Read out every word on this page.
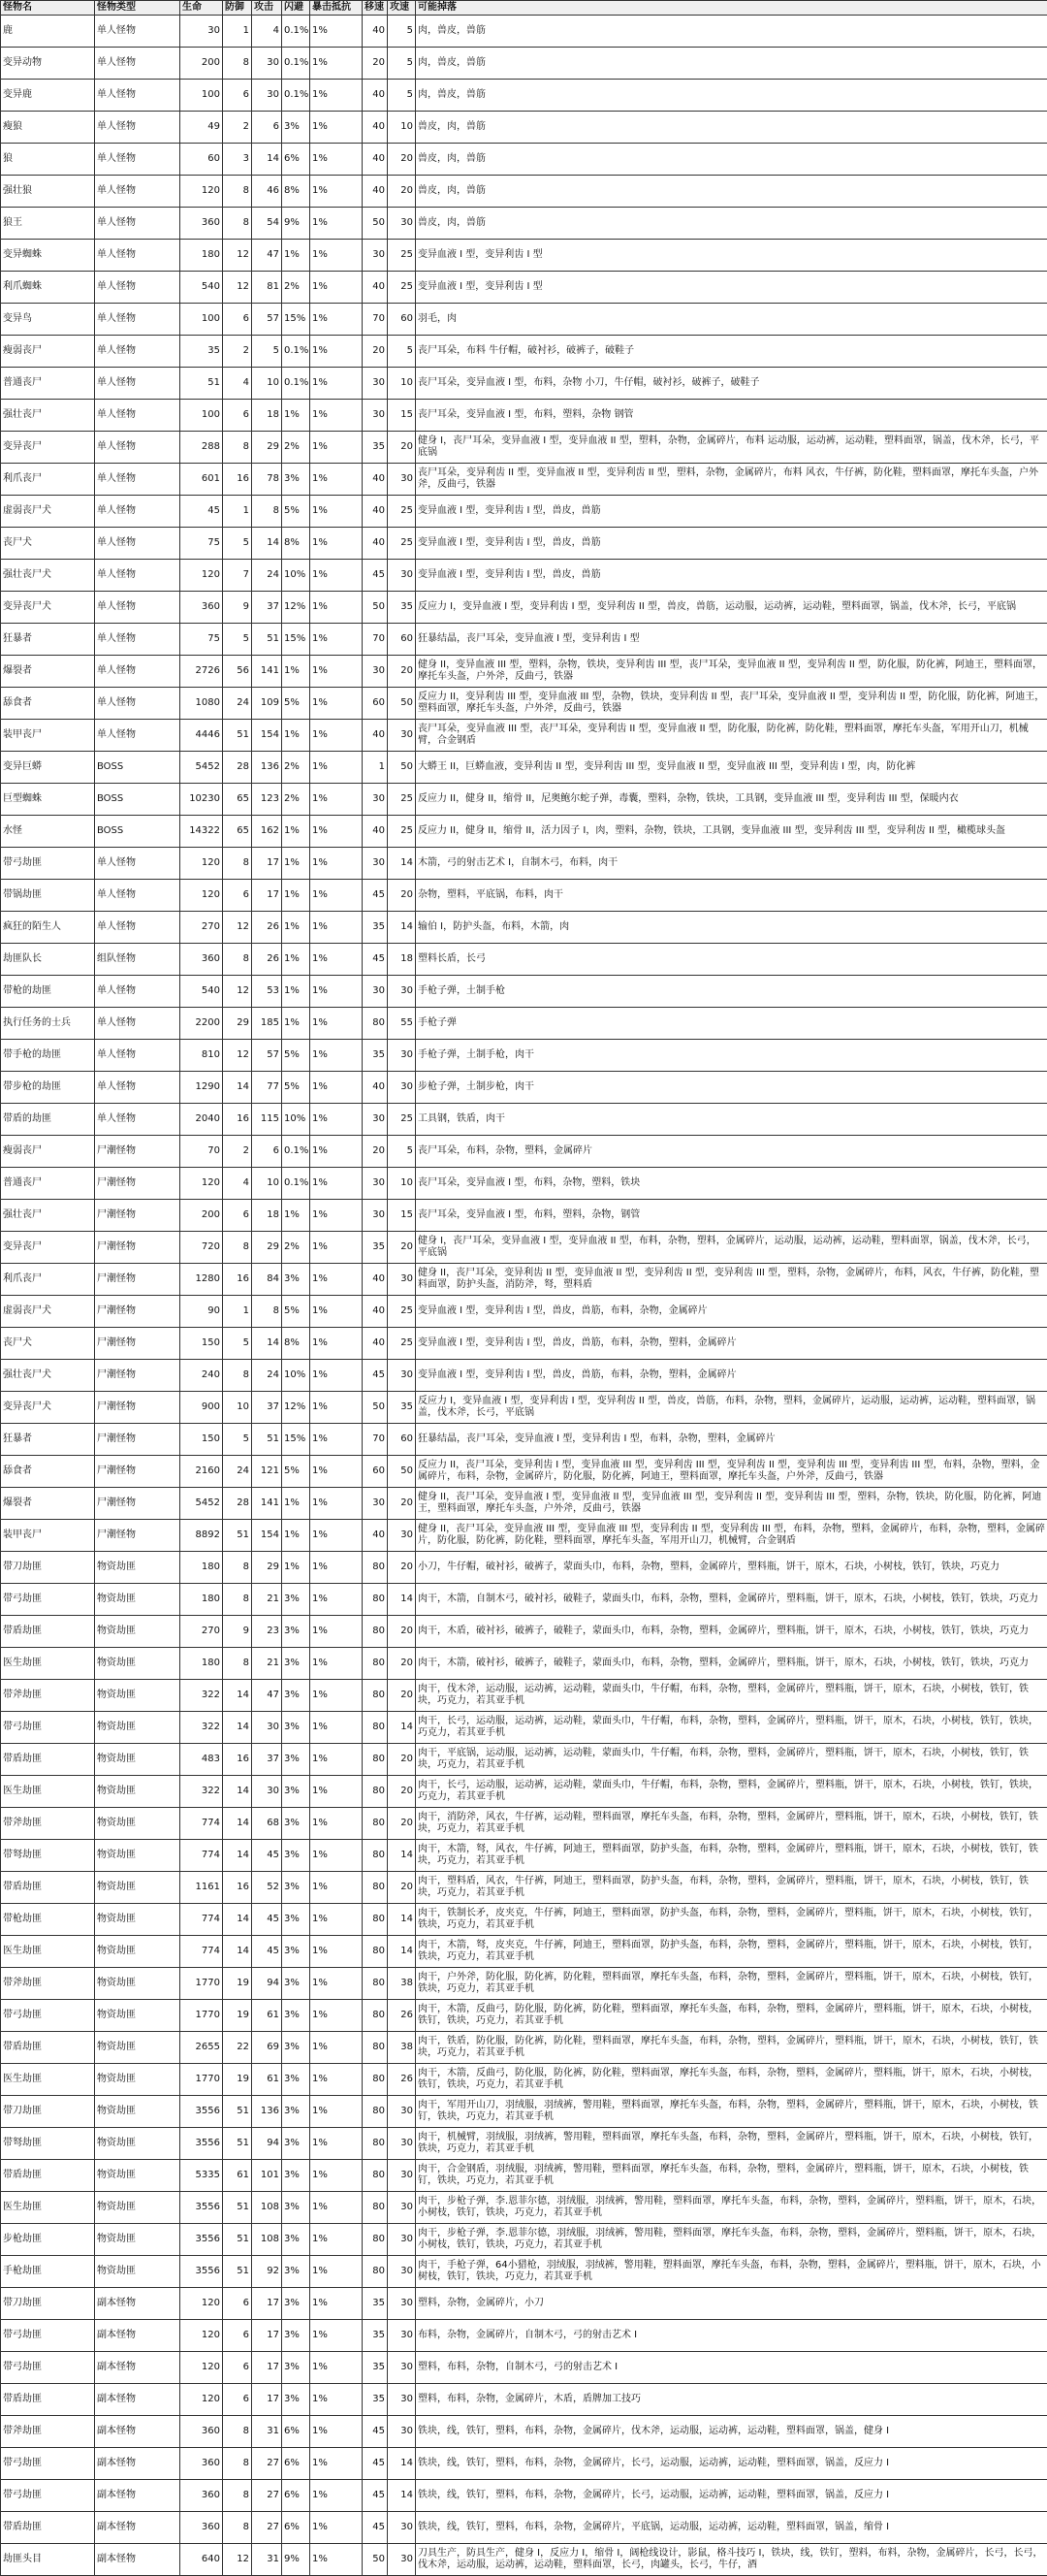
怪物名	怪物类型	生命	防御	攻击	闪避	暴击抵抗	移速	攻速	可能掉落
鹿	单人怪物	30	1	4	0.1%	1%	40	5	肉，兽皮，兽筋
变异动物	单人怪物	200	8	30	0.1%	1%	20	5	肉，兽皮，兽筋
变异鹿	单人怪物	100	6	30	0.1%	1%	40	5	肉，兽皮，兽筋
瘦狼	单人怪物	49	2	6	3%	1%	40	10	兽皮，肉，兽筋
狼	单人怪物	60	3	14	6%	1%	40	20	兽皮，肉，兽筋
强壮狼	单人怪物	120	8	46	8%	1%	40	20	兽皮，肉，兽筋
狼王	单人怪物	360	8	54	9%	1%	50	30	兽皮，肉，兽筋
变异蜘蛛	单人怪物	180	12	47	1%	1%	30	25	变异血液 I 型，变异利齿 I 型
利爪蜘蛛	单人怪物	540	12	81	2%	1%	40	25	变异血液 I 型，变异利齿 I 型
变异鸟	单人怪物	100	6	57	15%	1%	70	60	羽毛，肉
瘦弱丧尸	单人怪物	35	2	5	0.1%	1%	20	5	丧尸耳朵，布料 牛仔帽，破衬衫，破裤子，破鞋子
普通丧尸	单人怪物	51	4	10	0.1%	1%	30	10	丧尸耳朵，变异血液 I 型，布料，杂物 小刀，牛仔帽，破衬衫，破裤子，破鞋子
强壮丧尸	单人怪物	100	6	18	1%	1%	30	15	丧尸耳朵，变异血液 I 型，布料，塑料，杂物 钢管
变异丧尸	单人怪物	288	8	29	2%	1%	35	20	健身 I，丧尸耳朵，变异血液 I 型，变异血液 II 型，塑料，杂物，金属碎片，布料 运动服，运动裤，运动鞋，塑料面罩，锅盖，伐木斧，长弓，平底锅
利爪丧尸	单人怪物	601	16	78	3%	1%	40	30	丧尸耳朵，变异利齿 II 型，变异血液 II 型，变异利齿 II 型，塑料，杂物，金属碎片，布料 风衣，牛仔裤，防化鞋，塑料面罩，摩托车头盔，户外斧，反曲弓，铁器
虚弱丧尸犬	单人怪物	45	1	8	5%	1%	40	25	变异血液 I 型，变异利齿 I 型，兽皮，兽筋
丧尸犬	单人怪物	75	5	14	8%	1%	40	25	变异血液 I 型，变异利齿 I 型，兽皮，兽筋
强壮丧尸犬	单人怪物	120	7	24	10%	1%	45	30	变异血液 I 型，变异利齿 I 型，兽皮，兽筋
变异丧尸犬	单人怪物	360	9	37	12%	1%	50	35	反应力 I，变异血液 I 型，变异利齿 I 型，变异利齿 II 型，兽皮，兽筋，运动服，运动裤，运动鞋，塑料面罩，锅盖，伐木斧，长弓，平底锅
狂暴者	单人怪物	75	5	51	15%	1%	70	60	狂暴结晶，丧尸耳朵，变异血液 I 型，变异利齿 I 型
爆裂者	单人怪物	2726	56	141	1%	1%	30	20	健身 II，变异血液 III 型，塑料，杂物，铁块，变异利齿 III 型，丧尸耳朵，变异血液 II 型，变异利齿 II 型，防化服，防化裤，阿迪王，塑料面罩，摩托车头盔，户外斧，反曲弓，铁器
舔食者	单人怪物	1080	24	109	5%	1%	60	50	反应力 II，变异利齿 III 型，变异血液 III 型，杂物，铁块，变异利齿 II 型，丧尸耳朵，变异血液 II 型，变异利齿 II 型，防化服，防化裤，阿迪王，塑料面罩，摩托车头盔，户外斧，反曲弓，铁器
装甲丧尸	单人怪物	4446	51	154	1%	1%	40	30	丧尸耳朵，变异血液 III 型，丧尸耳朵，变异利齿 II 型，变异血液 II 型，防化服，防化裤，防化鞋，塑料面罩，摩托车头盔，军用开山刀，机械臂，合金钢盾
变异巨蟒	BOSS	5452	28	136	2%	1%	1	50	大蟒王 II，巨蟒血液，变异利齿 II 型，变异利齿 III 型，变异血液 II 型，变异血液 III 型，变异利齿 I 型，肉，防化裤
巨型蜘蛛	BOSS	10230	65	123	2%	1%	30	25	反应力 II，健身 II，缩骨 II，尼奥鲍尔蛇子弹，毒囊，塑料，杂物，铁块，工具钢，变异血液 III 型，变异利齿 III 型，保暖内衣
水怪	BOSS	14322	65	162	1%	1%	40	25	反应力 II，健身 II，缩骨 II，活力因子 I，肉，塑料，杂物，铁块，工具钢，变异血液 III 型，变异利齿 III 型，变异利齿 II 型，橄榄球头盔
带弓劫匪	单人怪物	120	8	17	1%	1%	30	14	木箭，弓的射击艺术 I，自制木弓，布料，肉干
带锅劫匪	单人怪物	120	6	17	1%	1%	45	20	杂物，塑料，平底锅，布料，肉干
疯狂的陌生人	单人怪物	270	12	26	1%	1%	35	14	输伯 I，防护头盔，布料，木箭，肉
劫匪队长	组队怪物	360	8	26	1%	1%	45	18	塑料长盾，长弓
带枪的劫匪	单人怪物	540	12	53	1%	1%	30	30	手枪子弹，土制手枪
执行任务的士兵	单人怪物	2200	29	185	1%	1%	80	55	手枪子弹
带手枪的劫匪	单人怪物	810	12	57	5%	1%	35	30	手枪子弹，土制手枪，肉干
带步枪的劫匪	单人怪物	1290	14	77	5%	1%	40	30	步枪子弹，土制步枪，肉干
带盾的劫匪	单人怪物	2040	16	115	10%	1%	30	25	工具钢，铁盾，肉干
瘦弱丧尸	尸潮怪物	70	2	6	0.1%	1%	20	5	丧尸耳朵，布料，杂物，塑料，金属碎片
普通丧尸	尸潮怪物	120	4	10	0.1%	1%	30	10	丧尸耳朵，变异血液 I 型，布料，杂物，塑料，铁块
强壮丧尸	尸潮怪物	200	6	18	1%	1%	30	15	丧尸耳朵，变异血液 I 型，布料，塑料，杂物，钢管
变异丧尸	尸潮怪物	720	8	29	2%	1%	35	20	健身 I，丧尸耳朵，变异血液 I 型，变异血液 II 型，布料，杂物，塑料，金属碎片，运动服，运动裤，运动鞋，塑料面罩，锅盖，伐木斧，长弓，平底锅
利爪丧尸	尸潮怪物	1280	16	84	3%	1%	40	30	健身 II，丧尸耳朵，变异利齿 II 型，变异血液 II 型，变异利齿 II 型，变异利齿 III 型，塑料，杂物，金属碎片，布料，风衣，牛仔裤，防化鞋，塑料面罩，防护头盔，消防斧，弩，塑料盾
虚弱丧尸犬	尸潮怪物	90	1	8	5%	1%	40	25	变异血液 I 型，变异利齿 I 型，兽皮，兽筋，布料，杂物，金属碎片
丧尸犬	尸潮怪物	150	5	14	8%	1%	40	25	变异血液 I 型，变异利齿 I 型，兽皮，兽筋，布料，杂物，塑料，金属碎片
强壮丧尸犬	尸潮怪物	240	8	24	10%	1%	45	30	变异血液 I 型，变异利齿 I 型，兽皮，兽筋，布料，杂物，塑料，金属碎片
变异丧尸犬	尸潮怪物	900	10	37	12%	1%	50	35	反应力 I，变异血液 I 型，变异利齿 I 型，变异利齿 II 型，兽皮，兽筋，布料，杂物，塑料，金属碎片，运动服，运动裤，运动鞋，塑料面罩，锅盖，伐木斧，长弓，平底锅
狂暴者	尸潮怪物	150	5	51	15%	1%	70	60	狂暴结晶，丧尸耳朵，变异血液 I 型，变异利齿 I 型，布料，杂物，塑料，金属碎片
舔食者	尸潮怪物	2160	24	121	5%	1%	60	50	反应力 II，丧尸耳朵，变异利齿 I 型，变异血液 III 型，变异利齿 III 型，变异利齿 II 型，变异利齿 III 型，变异利齿 III 型，布料，杂物，塑料，金属碎片，布料，杂物，金属碎片，防化服，防化裤，阿迪王，塑料面罩，摩托车头盔，户外斧，反曲弓，铁器
爆裂者	尸潮怪物	5452	28	141	1%	1%	30	20	健身 II，丧尸耳朵，变异血液 I 型，变异血液 II 型，变异血液 III 型，变异利齿 II 型，变异利齿 III 型，塑料，杂物，铁块，防化服，防化裤，阿迪王，塑料面罩，摩托车头盔，户外斧，反曲弓，铁器
装甲丧尸	尸潮怪物	8892	51	154	1%	1%	40	30	健身 II，丧尸耳朵，变异血液 III 型，变异血液 III 型，变异利齿 II 型，变异利齿 III 型，布料，杂物，塑料，金属碎片，布料，杂物，塑料，金属碎片，防化服，防化裤，防化鞋，塑料面罩，摩托车头盔，军用开山刀，机械臂，合金钢盾
带刀劫匪	物资劫匪	180	8	29	1%	1%	80	20	小刀，牛仔帽，破衬衫，破裤子，蒙面头巾，布料，杂物，塑料，金属碎片，塑料瓶，饼干，原木，石块，小树枝，铁钉，铁块，巧克力
带弓劫匪	物资劫匪	180	8	21	3%	1%	80	14	肉干，木箭，自制木弓，破衬衫，破鞋子，蒙面头巾，布料，杂物，塑料，金属碎片，塑料瓶，饼干，原木，石块，小树枝，铁钉，铁块，巧克力
带盾劫匪	物资劫匪	270	9	23	3%	1%	80	20	肉干，木盾，破衬衫，破裤子，破鞋子，蒙面头巾，布料，杂物，塑料，金属碎片，塑料瓶，饼干，原木，石块，小树枝，铁钉，铁块，巧克力
医生劫匪	物资劫匪	180	8	21	3%	1%	80	20	肉干，木箭，破衬衫，破裤子，破鞋子，蒙面头巾，布料，杂物，塑料，金属碎片，塑料瓶，饼干，原木，石块，小树枝，铁钉，铁块，巧克力
带斧劫匪	物资劫匪	322	14	47	3%	1%	80	20	肉干，伐木斧，运动服，运动裤，运动鞋，蒙面头巾，牛仔帽，布料，杂物，塑料，金属碎片，塑料瓶，饼干，原木，石块，小树枝，铁钉，铁块，巧克力，若其亚手机
带弓劫匪	物资劫匪	322	14	30	3%	1%	80	14	肉干，长弓，运动服，运动裤，运动鞋，蒙面头巾，牛仔帽，布料，杂物，塑料，金属碎片，塑料瓶，饼干，原木，石块，小树枝，铁钉，铁块，巧克力，若其亚手机
带盾劫匪	物资劫匪	483	16	37	3%	1%	80	20	肉干，平底锅，运动服，运动裤，运动鞋，蒙面头巾，牛仔帽，布料，杂物，塑料，金属碎片，塑料瓶，饼干，原木，石块，小树枝，铁钉，铁块，巧克力，若其亚手机
医生劫匪	物资劫匪	322	14	30	3%	1%	80	20	肉干，长弓，运动服，运动裤，运动鞋，蒙面头巾，牛仔帽，布料，杂物，塑料，金属碎片，塑料瓶，饼干，原木，石块，小树枝，铁钉，铁块，巧克力，若其亚手机
带斧劫匪	物资劫匪	774	14	68	3%	1%	80	20	肉干，消防斧，风衣，牛仔裤，运动鞋，塑料面罩，摩托车头盔，布料，杂物，塑料，金属碎片，塑料瓶，饼干，原木，石块，小树枝，铁钉，铁块，巧克力，若其亚手机
带弩劫匪	物资劫匪	774	14	45	3%	1%	80	14	肉干，木箭，弩，风衣，牛仔裤，阿迪王，塑料面罩，防护头盔，布料，杂物，塑料，金属碎片，塑料瓶，饼干，原木，石块，小树枝，铁钉，铁块，巧克力，若其亚手机
带盾劫匪	物资劫匪	1161	16	52	3%	1%	80	20	肉干，塑料盾，风衣，牛仔裤，阿迪王，塑料面罩，防护头盔，布料，杂物，塑料，金属碎片，塑料瓶，饼干，原木，石块，小树枝，铁钉，铁块，巧克力，若其亚手机
带枪劫匪	物资劫匪	774	14	45	3%	1%	80	14	肉干，铁制长矛，皮夹克，牛仔裤，阿迪王，塑料面罩，防护头盔，布料，杂物，塑料，金属碎片，塑料瓶，饼干，原木，石块，小树枝，铁钉，铁块，巧克力，若其亚手机
医生劫匪	物资劫匪	774	14	45	3%	1%	80	14	肉干，木箭，弩，皮夹克，牛仔裤，阿迪王，塑料面罩，防护头盔，布料，杂物，塑料，金属碎片，塑料瓶，饼干，原木，石块，小树枝，铁钉，铁块，巧克力，若其亚手机
带斧劫匪	物资劫匪	1770	19	94	3%	1%	80	38	肉干，户外斧，防化服，防化裤，防化鞋，塑料面罩，摩托车头盔，布料，杂物，塑料，金属碎片，塑料瓶，饼干，原木，石块，小树枝，铁钉，铁块，巧克力，若其亚手机
带弓劫匪	物资劫匪	1770	19	61	3%	1%	80	26	肉干，木箭，反曲弓，防化服，防化裤，防化鞋，塑料面罩，摩托车头盔，布料，杂物，塑料，金属碎片，塑料瓶，饼干，原木，石块，小树枝，铁钉，铁块，巧克力，若其亚手机
带盾劫匪	物资劫匪	2655	22	69	3%	1%	80	38	肉干，铁盾，防化服，防化裤，防化鞋，塑料面罩，摩托车头盔，布料，杂物，塑料，金属碎片，塑料瓶，饼干，原木，石块，小树枝，铁钉，铁块，巧克力，若其亚手机
医生劫匪	物资劫匪	1770	19	61	3%	1%	80	26	肉干，木箭，反曲弓，防化服，防化裤，防化鞋，塑料面罩，摩托车头盔，布料，杂物，塑料，金属碎片，塑料瓶，饼干，原木，石块，小树枝，铁钉，铁块，巧克力，若其亚手机
带刀劫匪	物资劫匪	3556	51	136	3%	1%	80	30	肉干，军用开山刀，羽绒服，羽绒裤，警用鞋，塑料面罩，摩托车头盔，布料，杂物，塑料，金属碎片，塑料瓶，饼干，原木，石块，小树枝，铁钉，铁块，巧克力，若其亚手机
带弩劫匪	物资劫匪	3556	51	94	3%	1%	80	30	肉干，机械臂，羽绒服，羽绒裤，警用鞋，塑料面罩，摩托车头盔，布料，杂物，塑料，金属碎片，塑料瓶，饼干，原木，石块，小树枝，铁钉，铁块，巧克力，若其亚手机
带盾劫匪	物资劫匪	5335	61	101	3%	1%	80	30	肉干，合金钢盾，羽绒服，羽绒裤，警用鞋，塑料面罩，摩托车头盔，布料，杂物，塑料，金属碎片，塑料瓶，饼干，原木，石块，小树枝，铁钉，铁块，巧克力，若其亚手机
医生劫匪	物资劫匪	3556	51	108	3%	1%	80	30	肉干，步枪子弹，李.恩菲尔德，羽绒服，羽绒裤，警用鞋，塑料面罩，摩托车头盔，布料，杂物，塑料，金属碎片，塑料瓶，饼干，原木，石块，小树枝，铁钉，铁块，巧克力，若其亚手机
步枪劫匪	物资劫匪	3556	51	108	3%	1%	80	30	肉干，步枪子弹，李.恩菲尔德，羽绒服，羽绒裤，警用鞋，塑料面罩，摩托车头盔，布料，杂物，塑料，金属碎片，塑料瓶，饼干，原木，石块，小树枝，铁钉，铁块，巧克力，若其亚手机
手枪劫匪	物资劫匪	3556	51	92	3%	1%	80	30	肉干，手枪子弹，64小猎枪，羽绒服，羽绒裤，警用鞋，塑料面罩，摩托车头盔，布料，杂物，塑料，金属碎片，塑料瓶，饼干，原木，石块，小树枝，铁钉，铁块，巧克力，若其亚手机
带刀劫匪	副本怪物	120	6	17	3%	1%	35	30	塑料，杂物，金属碎片，小刀
带弓劫匪	副本怪物	120	6	17	3%	1%	35	30	布料，杂物，金属碎片，自制木弓，弓的射击艺术 I
带弓劫匪	副本怪物	120	6	17	3%	1%	35	30	塑料，布料，杂物，自制木弓，弓的射击艺术 I
带盾劫匪	副本怪物	120	6	17	3%	1%	35	30	塑料，布料，杂物，金属碎片，木盾，盾牌加工技巧
带斧劫匪	副本怪物	360	8	31	6%	1%	45	30	铁块，线，铁钉，塑料，布料，杂物，金属碎片，伐木斧，运动服，运动裤，运动鞋，塑料面罩，锅盖，健身 I
带弓劫匪	副本怪物	360	8	27	6%	1%	45	14	铁块，线，铁钉，塑料，布料，杂物，金属碎片，长弓，运动服，运动裤，运动鞋，塑料面罩，锅盖，反应力 I
带弓劫匪	副本怪物	360	8	27	6%	1%	45	14	铁块，线，铁钉，塑料，布料，杂物，金属碎片，长弓，运动服，运动裤，运动鞋，塑料面罩，锅盖，反应力 I
带盾劫匪	副本怪物	360	8	27	6%	1%	45	30	铁块，线，铁钉，塑料，布料，杂物，金属碎片，平底锅，运动服，运动裤，运动鞋，塑料面罩，锅盖，缩骨 I
劫匪头目	副本怪物	640	12	31	9%	1%	50	30	刀具生产，防具生产，健身 I，反应力 I，缩骨 I，阔枪线设计，影鼠，格斗技巧 I，铁块，线，铁钉，塑料，布料，杂物，金属碎片，长弓，长弓，伐木斧，运动服，运动裤，运动鞋，塑料面罩，长弓，肉罐头，长弓，牛仔，酒
